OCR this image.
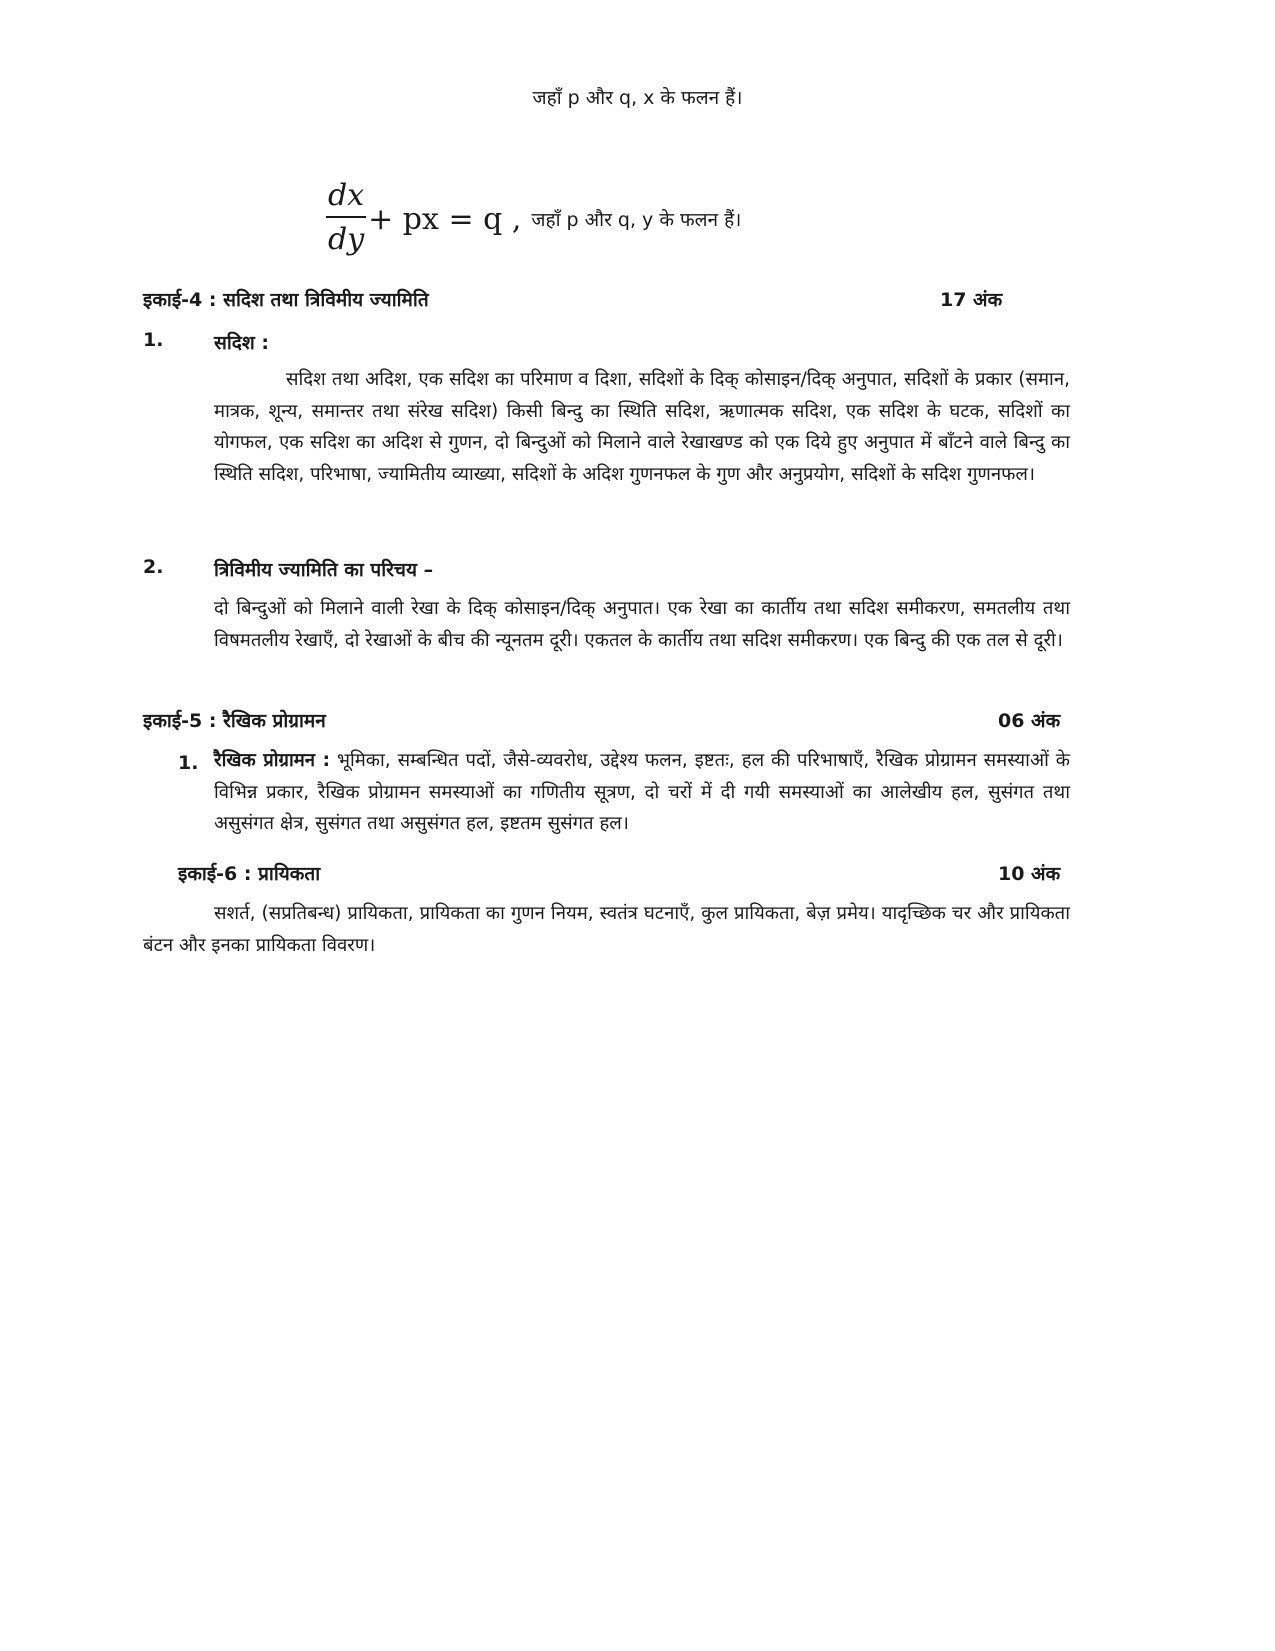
जहाँ p और q, x के फलन हैं।
$\frac{dx}{dy}$ + px = q , जहाँ p और q, y के फलन हैं।
इकाई-4 : सदिश तथा त्रिविमीय ज्यामिति	17 अंक
1.	सदिश :
सदिश तथा अदिश, एक सदिश का परिमाण व दिशा, सदिशों के दिक् कोसाइन/दिक् अनुपात, सदिशों के प्रकार (समान, मात्रक, शून्य, समान्तर तथा संरेख सदिश) किसी बिन्दु का स्थिति सदिश, ऋणात्मक सदिश, एक सदिश के घटक, सदिशों का योगफल, एक सदिश का अदिश से गुणन, दो बिन्दुओं को मिलाने वाले रेखाखण्ड को एक दिये हुए अनुपात में बाँटने वाले बिन्दु का स्थिति सदिश, परिभाषा, ज्यामितीय व्याख्या, सदिशों के अदिश गुणनफल के गुण और अनुप्रयोग, सदिशों के सदिश गुणनफल।
2.	त्रिविमीय ज्यामिति का परिचय –
दो बिन्दुओं को मिलाने वाली रेखा के दिक् कोसाइन/दिक् अनुपात। एक रेखा का कार्तीय तथा सदिश समीकरण, समतलीय तथा विषमतलीय रेखाएँ, दो रेखाओं के बीच की न्यूनतम दूरी। एकतल के कार्तीय तथा सदिश समीकरण। एक बिन्दु की एक तल से दूरी।
इकाई-5 : रैखिक प्रोग्रामन	06 अंक
1. रैखिक प्रोग्रामन : भूमिका, सम्बन्धित पदों, जैसे-व्यवरोध, उद्देश्य फलन, इष्टतः, हल की परिभाषाएँ, रैखिक प्रोग्रामन समस्याओं के विभिन्न प्रकार, रैखिक प्रोग्रामन समस्याओं का गणितीय सूत्रण, दो चरों में दी गयी समस्याओं का आलेखीय हल, सुसंगत तथा असुसंगत क्षेत्र, सुसंगत तथा असुसंगत हल, इष्टतम सुसंगत हल।
इकाई-6 : प्रायिकता	10 अंक
सशर्त, (सप्रतिबन्ध) प्रायिकता, प्रायिकता का गुणन नियम, स्वतंत्र घटनाएँ, कुल प्रायिकता, बेज़ प्रमेय। यादृच्छिक चर और प्रायिकता बंटन और इनका प्रायिकता विवरण।
